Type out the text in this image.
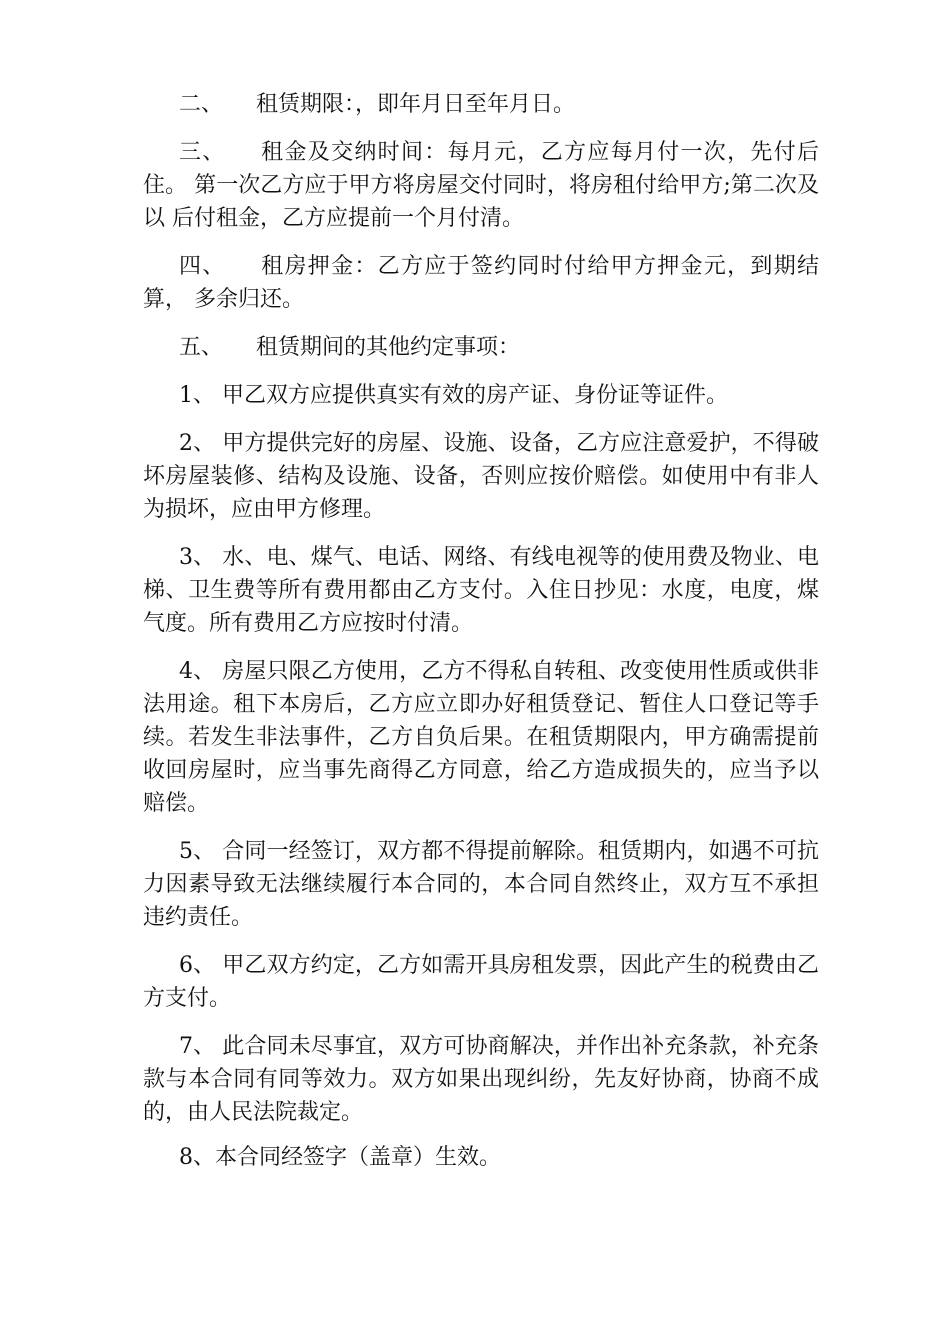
二、　　租赁期限：，即年月日至年月日。

三、　　租金及交纳时间：每月元，乙方应每月付一次，先付后住。 第一次乙方应于甲方将房屋交付同时，将房租付给甲方;第二次及以 后付租金，乙方应提前一个月付清。

四、　　租房押金：乙方应于签约同时付给甲方押金元，到期结算， 多余归还。

五、　　租赁期间的其他约定事项：

1、 甲乙双方应提供真实有效的房产证、身份证等证件。

2、 甲方提供完好的房屋、设施、设备，乙方应注意爱护，不得破坏房屋装修、结构及设施、设备，否则应按价赔偿。如使用中有非人为损坏，应由甲方修理。

3、 水、电、煤气、电话、网络、有线电视等的使用费及物业、电梯、卫生费等所有费用都由乙方支付。入住日抄见：水度，电度，煤气度。所有费用乙方应按时付清。

4、 房屋只限乙方使用，乙方不得私自转租、改变使用性质或供非法用途。租下本房后，乙方应立即办好租赁登记、暂住人口登记等手续。若发生非法事件，乙方自负后果。在租赁期限内，甲方确需提前收回房屋时，应当事先商得乙方同意，给乙方造成损失的，应当予以赔偿。

5、 合同一经签订，双方都不得提前解除。租赁期内，如遇不可抗力因素导致无法继续履行本合同的，本合同自然终止，双方互不承担违约责任。

6、 甲乙双方约定，乙方如需开具房租发票，因此产生的税费由乙方支付。

7、 此合同未尽事宜，双方可协商解决，并作出补充条款，补充条款与本合同有同等效力。双方如果出现纠纷，先友好协商，协商不成的，由人民法院裁定。

8、本合同经签字（盖章）生效。
